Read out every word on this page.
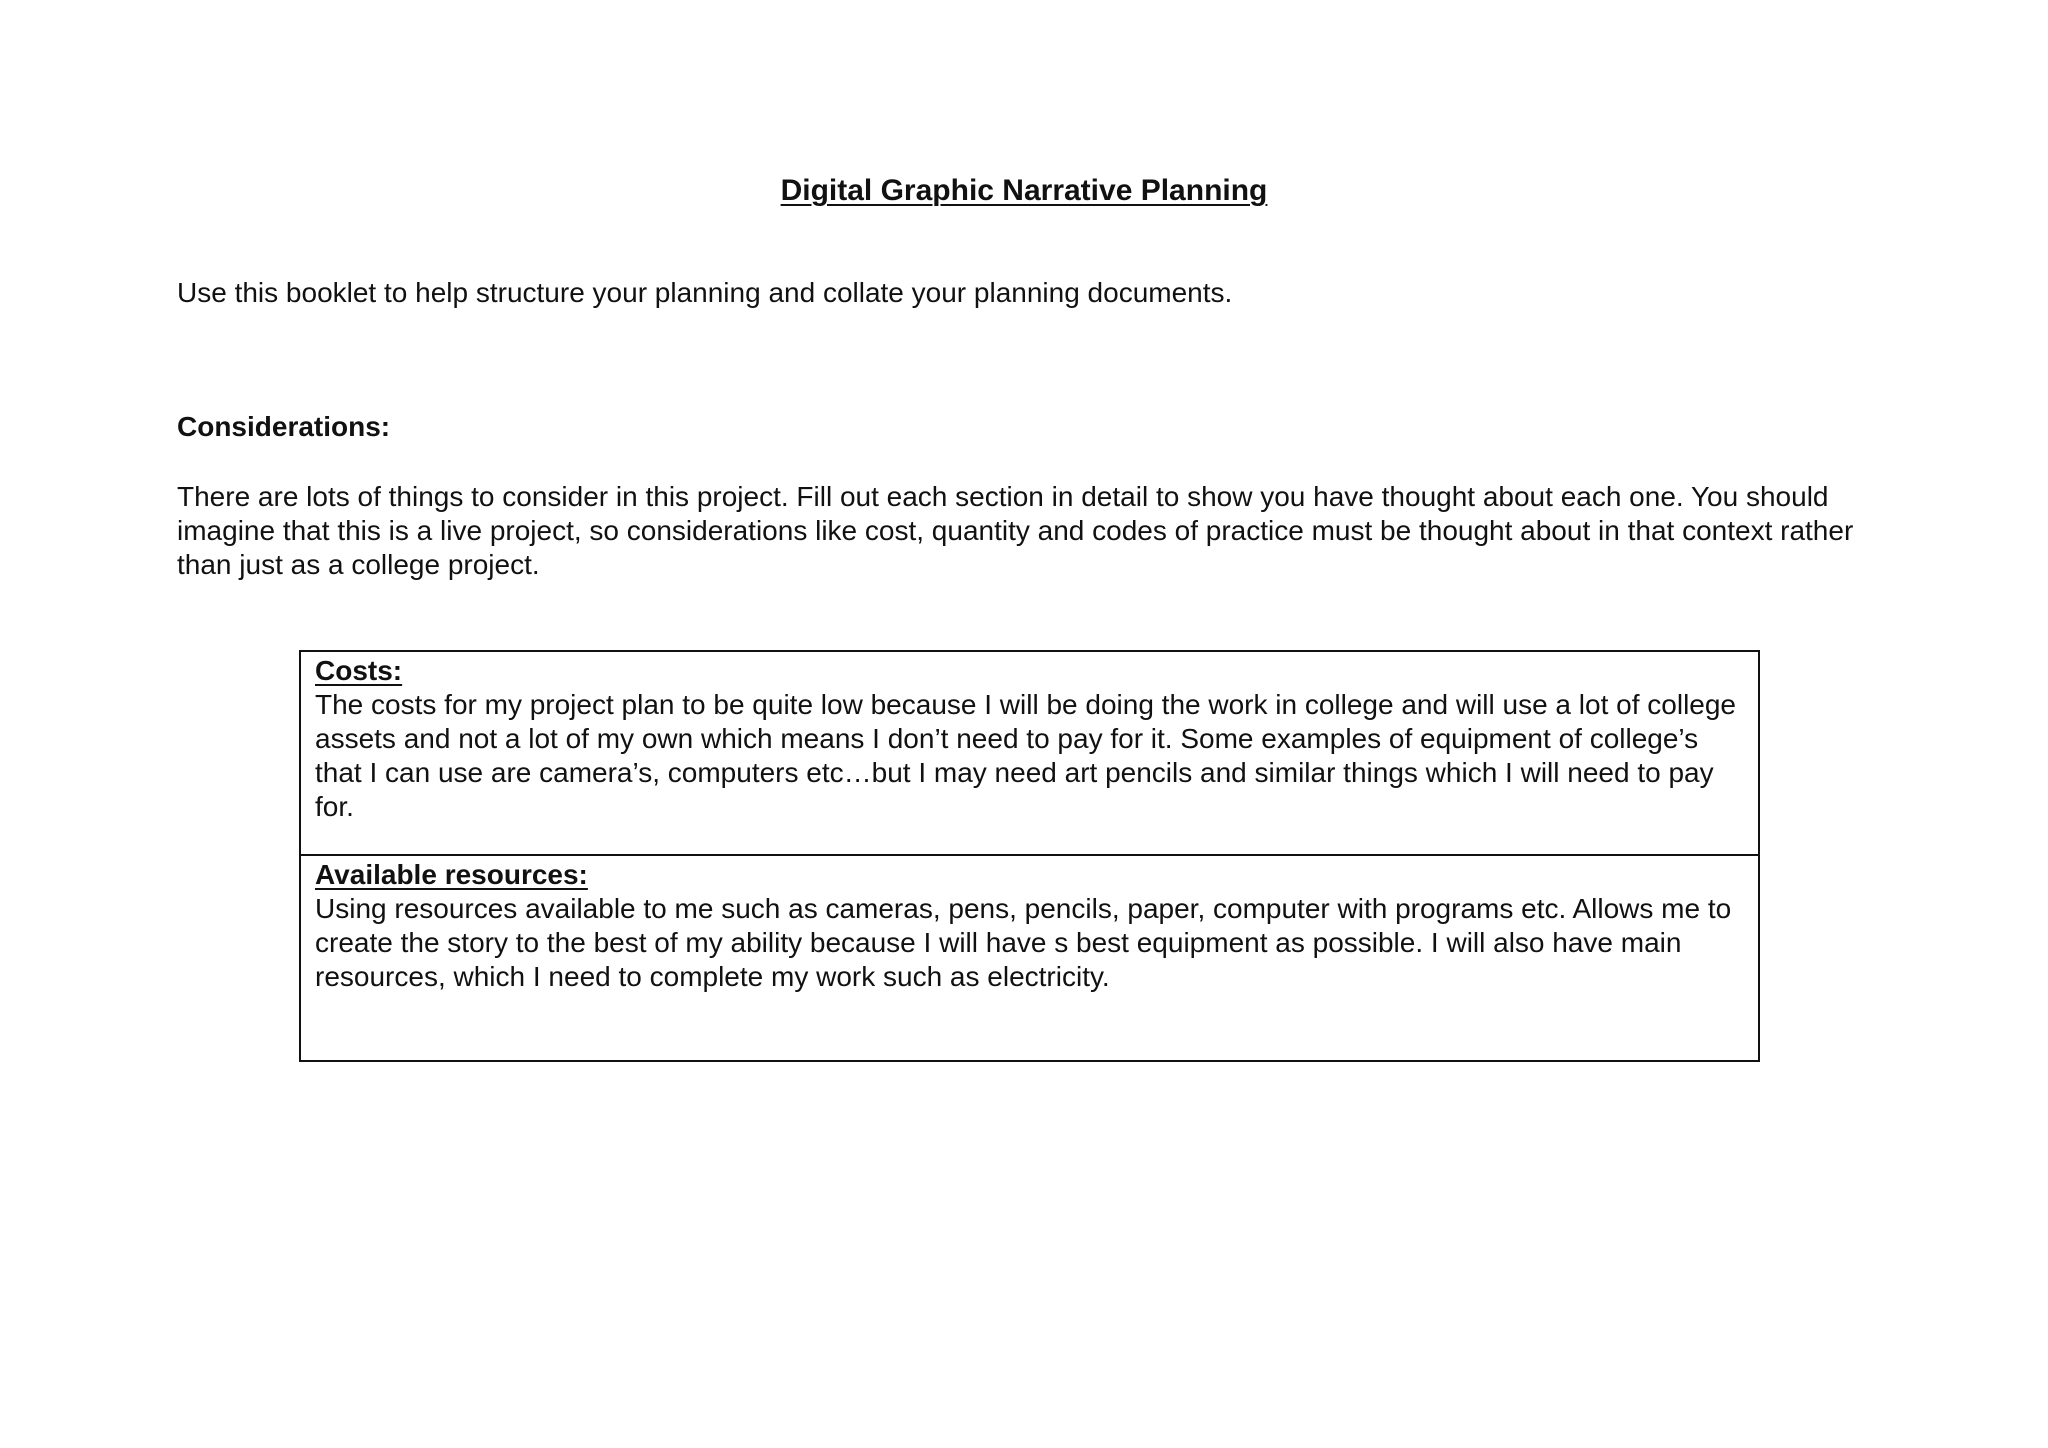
Digital Graphic Narrative Planning
Use this booklet to help structure your planning and collate your planning documents.
Considerations:
There are lots of things to consider in this project. Fill out each section in detail to show you have thought about each one. You should imagine that this is a live project, so considerations like cost, quantity and codes of practice must be thought about in that context rather than just as a college project.
Costs:
The costs for my project plan to be quite low because I will be doing the work in college and will use a lot of college assets and not a lot of my own which means I don’t need to pay for it. Some examples of equipment of college’s that I can use are camera’s, computers etc…but I may need art pencils and similar things which I will need to pay for.
Available resources:
Using resources available to me such as cameras, pens, pencils, paper, computer with programs etc. Allows me to create the story to the best of my ability because I will have s best equipment as possible. I will also have main resources, which I need to complete my work such as electricity.
